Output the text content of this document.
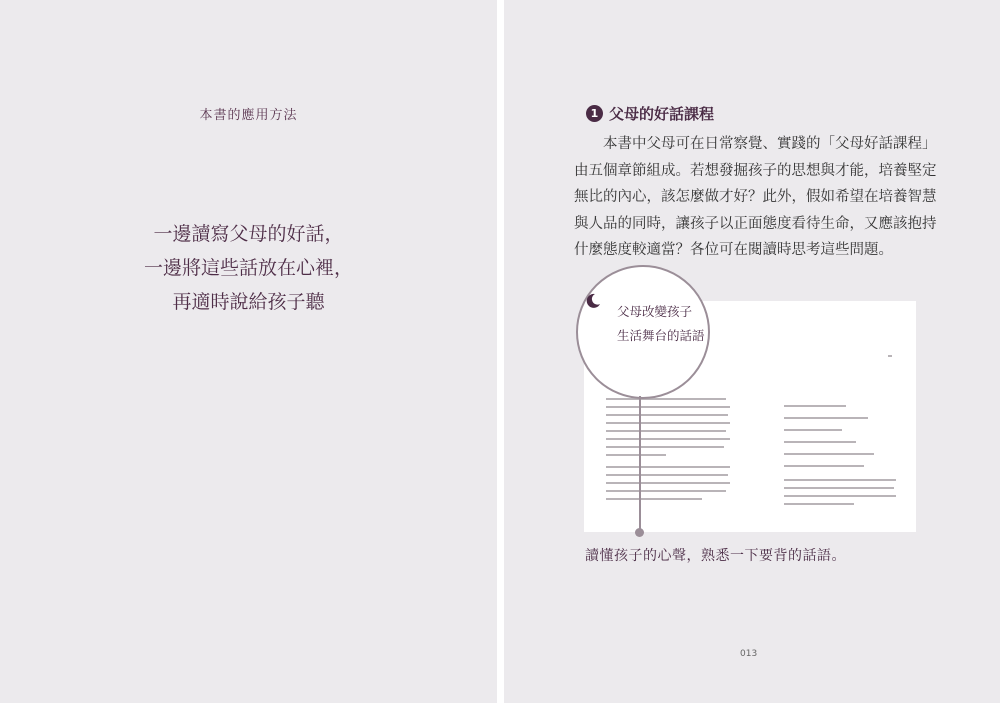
本書的應用方法
一邊讀寫父母的好話，
一邊將這些話放在心裡，
再適時說給孩子聽
1 父母的好話課程
本書中父母可在日常察覺、實踐的「父母好話課程」
由五個章節組成。若想發掘孩子的思想與才能，培養堅定
無比的內心，該怎麼做才好？此外，假如希望在培養智慧
與人品的同時，讓孩子以正面態度看待生命，又應該抱持
什麼態度較適當？各位可在閱讀時思考這些問題。
父母改變孩子
生活舞台的話語
讀懂孩子的心聲，熟悉一下要背的話語。
013
